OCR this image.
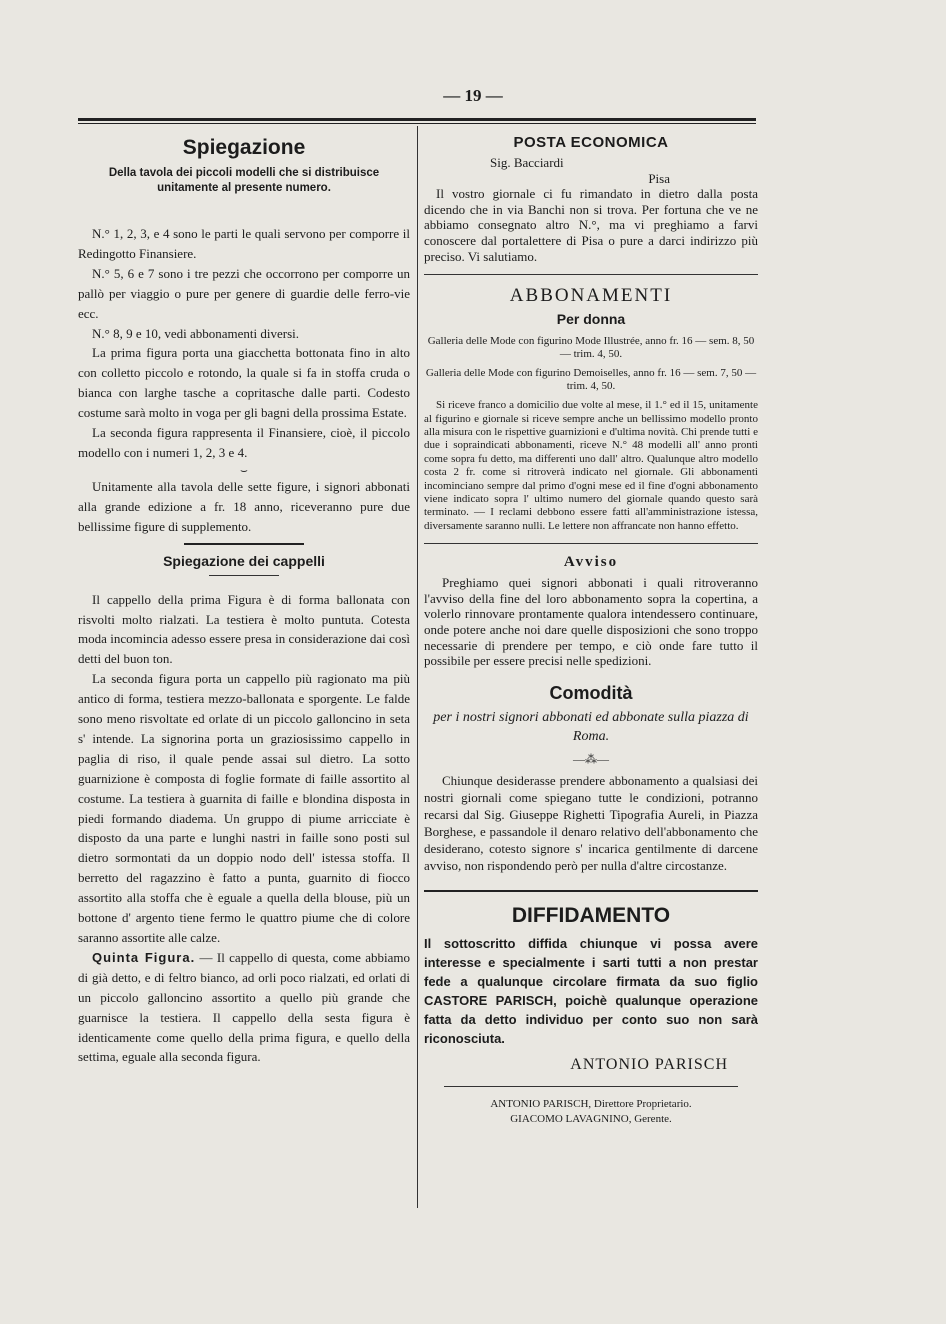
— 19 —
Spiegazione
Della tavola dei piccoli modelli che si distribuisce unitamente al presente numero.

N.° 1, 2, 3, e 4 sono le parti le quali servono per comporre il Redingotto Finansiere.

N.° 5, 6 e 7 sono i tre pezzi che occorrono per comporre un pallò per viaggio o pure per genere di guardie delle ferro-vie ecc.

N.° 8, 9 e 10, vedi abbonamenti diversi.

La prima figura porta una giacchetta bottonata fino in alto con colletto piccolo e rotondo, la quale si fa in stoffa cruda o bianca con larghe tasche a copritasche dalle parti. Codesto costume sarà molto in voga per gli bagni della prossima Estate.

La seconda figura rappresenta il Finansiere, cioè, il piccolo modello con i numeri 1, 2, 3 e 4.

⌣

Unitamente alla tavola delle sette figure, i signori abbonati alla grande edizione a fr. 18 anno, riceveranno pure due bellissime figure di supplemento.

Spiegazione dei cappelli

Il cappello della prima Figura è di forma ballonata con risvolti molto rialzati. La testiera è molto puntuta. Cotesta moda incomincia adesso essere presa in considerazione dai così detti del buon ton.

La seconda figura porta un cappello più ragionato ma più antico di forma, testiera mezzo-ballonata e sporgente. Le falde sono meno risvoltate ed orlate di un piccolo galloncino in seta s' intende. La signorina porta un graziosissimo cappello in paglia di riso, il quale pende assai sul dietro. La sotto guarnizione è composta di foglie formate di faille assortito al costume. La testiera à guarnita di faille e blondina disposta in piedi formando diadema. Un gruppo di piume arricciate è disposto da una parte e lunghi nastri in faille sono posti sul dietro sormontati da un doppio nodo dell' istessa stoffa. Il berretto del ragazzino è fatto a punta, guarnito di fiocco assortito alla stoffa che è eguale a quella della blouse, più un bottone d' argento tiene fermo le quattro piume che di colore saranno assortite alle calze.

Quinta Figura. — Il cappello di questa, come abbiamo di già detto, e di feltro bianco, ad orli poco rialzati, ed orlati di un piccolo galloncino assortito a quello più grande che guarnisce la testiera. Il cappello della sesta figura è identicamente come quello della prima figura, e quello della settima, eguale alla seconda figura.

POSTA ECONOMICA
Sig. Bacciardi
Pisa
Il vostro giornale ci fu rimandato in dietro dalla posta dicendo che in via Banchi non si trova. Per fortuna che ve ne abbiamo consegnato altro N.°, ma vi preghiamo a farvi conoscere dal portalettere di Pisa o pure a darci indirizzo più preciso. Vi salutiamo.
ABBONAMENTI
Per donna
Galleria delle Mode con figurino Mode Illustrée, anno fr. 16 — sem. 8, 50 — trim. 4, 50.
Galleria delle Mode con figurino Demoiselles, anno fr. 16 — sem. 7, 50 — trim. 4, 50.
Si riceve franco a domicilio due volte al mese, il 1.° ed il 15, unitamente al figurino e giornale si riceve sempre anche un bellissimo modello pronto alla misura con le rispettive guarnizioni e d'ultima novità. Chi prende tutti e due i sopraindicati abbonamenti, riceve N.° 48 modelli all' anno pronti come sopra fu detto, ma differenti uno dall' altro. Qualunque altro modello costa 2 fr. come si ritroverà indicato nel giornale. Gli abbonamenti incominciano sempre dal primo d'ogni mese ed il fine d'ogni abbonamento viene indicato sopra l' ultimo numero del giornale quando questo sarà terminato. — I reclami debbono essere fatti all'amministrazione istessa, diversamente saranno nulli. Le lettere non affrancate non hanno effetto.
Avviso
Preghiamo quei signori abbonati i quali ritroveranno l'avviso della fine del loro abbonamento sopra la copertina, a volerlo rinnovare prontamente qualora intendessero continuare, onde potere anche noi dare quelle disposizioni che sono troppo necessarie di prendere per tempo, e ciò onde fare tutto il possibile per essere precisi nelle spedizioni.
Comodità
per i nostri signori abbonati ed abbonate sulla piazza di Roma.
—⁂—
Chiunque desiderasse prendere abbonamento a qualsiasi dei nostri giornali come spiegano tutte le condizioni, potranno recarsi dal Sig. Giuseppe Righetti Tipografia Aureli, in Piazza Borghese, e passandole il denaro relativo dell'abbonamento che desiderano, cotesto signore s' incarica gentilmente di darcene avviso, non rispondendo però per nulla d'altre circostanze.
DIFFIDAMENTO
Il sottoscritto diffida chiunque vi possa avere interesse e specialmente i sarti tutti a non prestar fede a qualunque circolare firmata da suo figlio CASTORE PARISCH, poichè qualunque operazione fatta da detto individuo per conto suo non sarà riconosciuta.
ANTONIO PARISCH
ANTONIO PARISCH, Direttore Proprietario.
GIACOMO LAVAGNINO, Gerente.
